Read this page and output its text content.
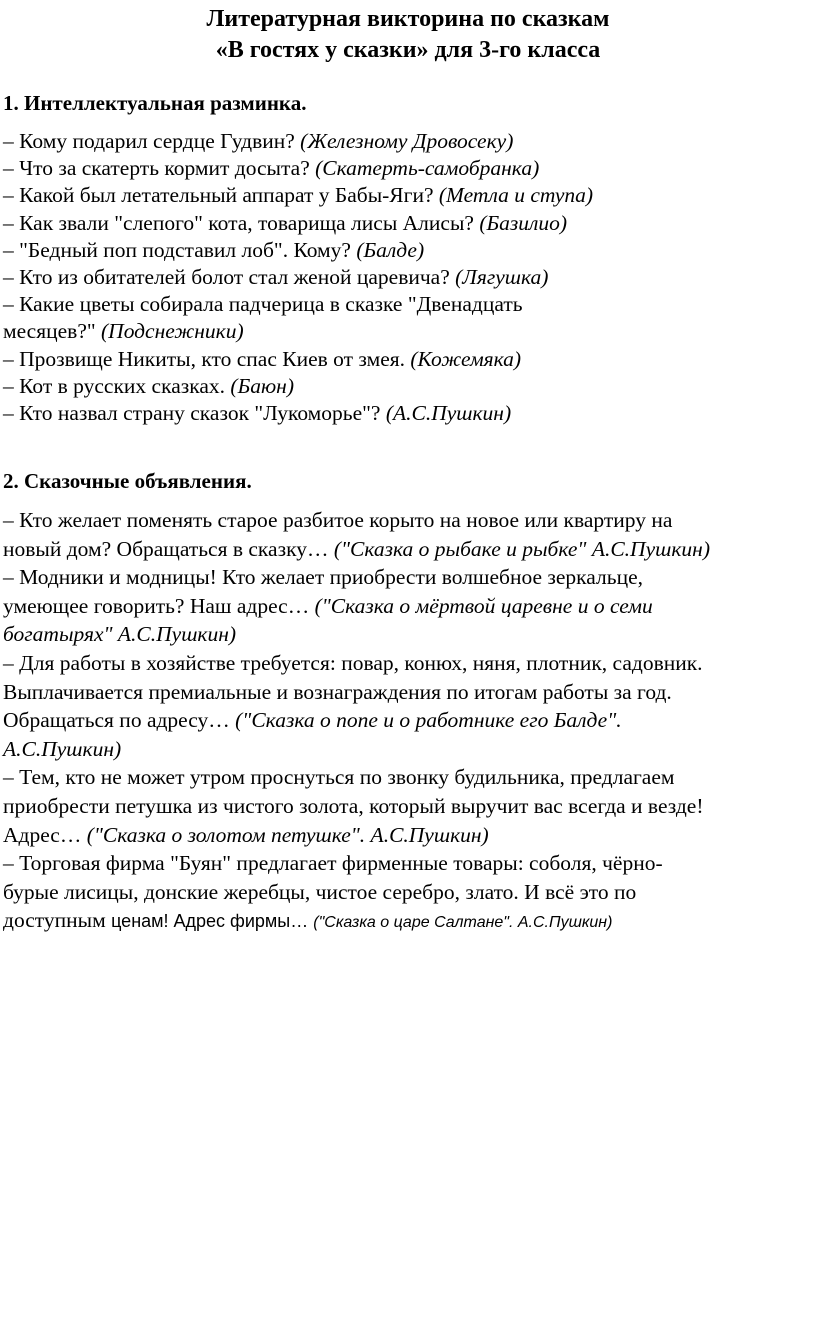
Литературная викторина по сказкам
«В гостях у сказки» для 3-го класса
1. Интеллектуальная разминка.
– Кому подарил сердце Гудвин? (Железному Дровосеку)
– Что за скатерть кормит досыта? (Скатерть-самобранка)
– Какой был летательный аппарат у Бабы-Яги? (Метла и ступа)
– Как звали "слепого" кота, товарища лисы Алисы? (Базилио)
– "Бедный поп подставил лоб". Кому? (Балде)
– Кто из обитателей болот стал женой царевича? (Лягушка)
– Какие цветы собирала падчерица в сказке "Двенадцать
месяцев?" (Подснежники)
– Прозвище Никиты, кто спас Киев от змея. (Кожемяка)
– Кот в русских сказках. (Баюн)
– Кто назвал страну сказок "Лукоморье"? (А.С.Пушкин)
2. Сказочные объявления.
– Кто желает поменять старое разбитое корыто на новое или квартиру на
новый дом? Обращаться в сказку… ("Сказка о рыбаке и рыбке" А.С.Пушкин)
– Модники и модницы! Кто желает приобрести волшебное зеркальце,
умеющее говорить? Наш адрес… ("Сказка о мёртвой царевне и о семи
богатырях" А.С.Пушкин)
– Для работы в хозяйстве требуется: повар, конюх, няня, плотник, садовник.
Выплачивается премиальные и вознаграждения по итогам работы за год.
Обращаться по адресу… ("Сказка о попе и о работнике его Балде".
А.С.Пушкин)
– Тем, кто не может утром проснуться по звонку будильника, предлагаем
приобрести петушка из чистого золота, который выручит вас всегда и везде!
Адрес… ("Сказка о золотом петушке". А.С.Пушкин)
– Торговая фирма "Буян" предлагает фирменные товары: соболя, чёрно-
бурые лисицы, донские жеребцы, чистое серебро, злато. И всё это по
доступным ценам! Адрес фирмы… ("Сказка о царе Салтане". А.С.Пушкин)
